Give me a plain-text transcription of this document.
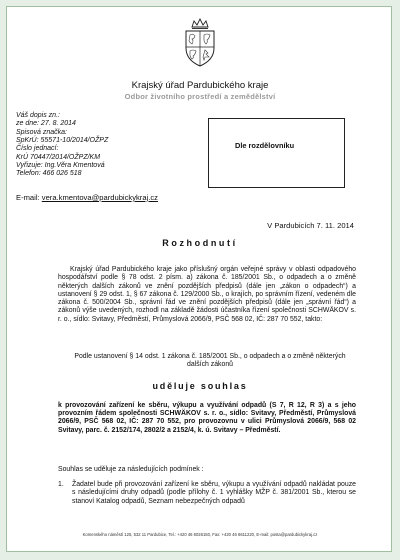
Krajský úřad Pardubického kraje
Odbor životního prostředí a zemědělství
Váš dopis zn.:
ze dne: 27. 8. 2014
Spisová značka:
SpKrÚ: 55571-10/2014/OŽPZ
Číslo jednací:
KrÚ 70447/2014/OŽPZ/KM
Vyřizuje: Ing.Věra Kmentová
Telefon: 466 026 518
E-mail: vera.kmentova@pardubickykraj.cz
Dle rozdělovníku
V Pardubicích 7. 11. 2014
Rozhodnutí
Krajský úřad Pardubického kraje jako příslušný orgán veřejné správy v oblasti odpadového hospodářství podle § 78 odst. 2 písm. a) zákona č. 185/2001 Sb., o odpadech a o změně některých dalších zákonů ve znění pozdějších předpisů (dále jen „zákon o odpadech“) a ustanovení § 29 odst. 1, § 67 zákona č. 129/2000 Sb., o krajích, po správním řízení, vedeném dle zákona č. 500/2004 Sb., správní řád ve znění pozdějších předpisů (dále jen „správní řád“) a zákonů výše uvedených, rozhodl na základě žádosti účastníka řízení společnosti SCHWÄKOV s. r. o., sídlo: Svitavy, Předměstí, Průmyslová 2066/9, PSČ 568 02, IČ: 287 70 552, takto:
Podle ustanovení § 14 odst. 1 zákona č. 185/2001 Sb., o odpadech a o změně některých dalších zákonů
uděluje souhlas
k provozování zařízení ke sběru, výkupu a využívání odpadů (S 7, R 12, R 3) a s jeho provozním řádem společnosti SCHWÄKOV s. r. o., sídlo: Svitavy, Předměstí, Průmyslová 2066/9, PSČ 568 02, IČ: 287 70 552, pro provozovnu v ulici Průmyslová 2066/9, 568 02 Svitavy, parc. č. 2152/174, 2802/2 a 2152/4, k. ú. Svitavy – Předměstí.
Souhlas se uděluje za následujících podmínek :
1.	Žadatel bude při provozování zařízení ke sběru, výkupu a využívání odpadů nakládat pouze s následujícími druhy odpadů (podle přílohy č. 1 vyhlášky MŽP č. 381/2001 Sb., kterou se stanoví Katalog odpadů, Seznam nebezpečných odpadů
Komenského náměstí 125, 532 11 Pardubice, Tel.: +420 46 6026150, Fax: +420 46 6611220, E-mail: posta@pardubickykraj.cz
